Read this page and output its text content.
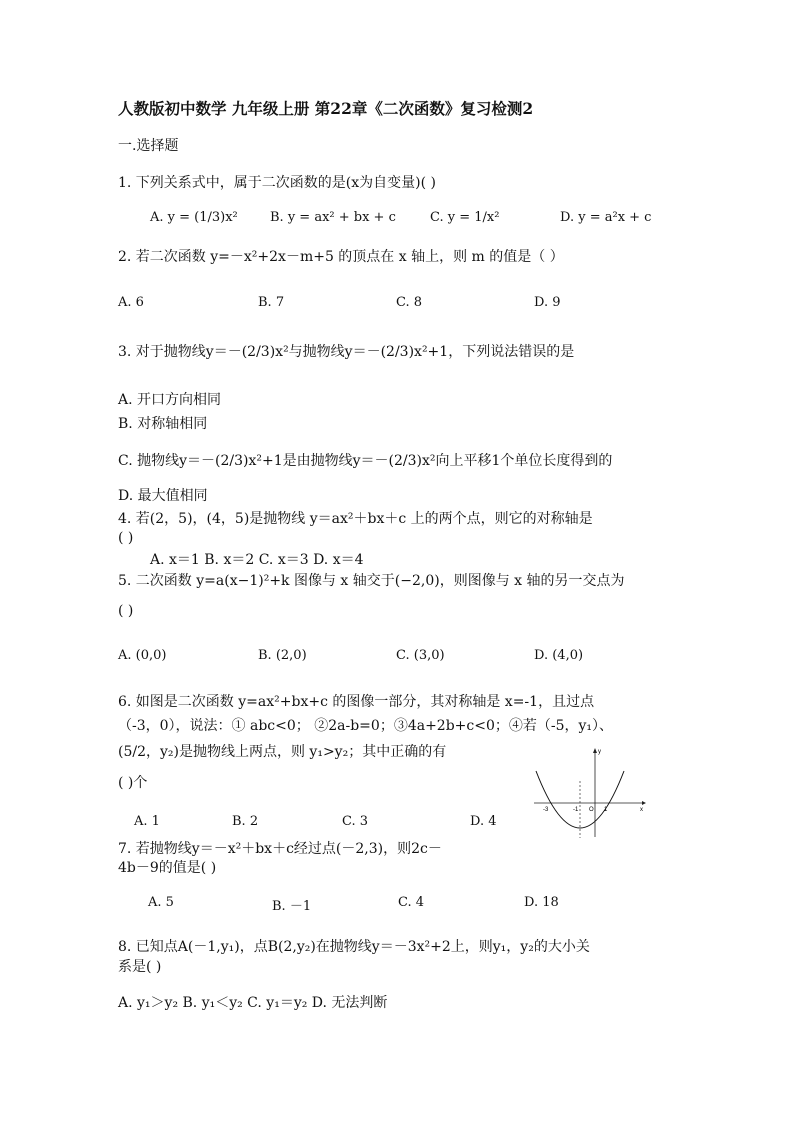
人教版初中数学 九年级上册 第22章《二次函数》复习检测2
一.选择题
1. 下列关系式中，属于二次函数的是(x为自变量)( )
A. y = (1/3)x² B. y = ax² + bx + c	C. y = 1/x²	D. y = a²x + c
2. 若二次函数 y=－x²+2x－m+5 的顶点在 x 轴上，则 m 的值是（ ）
A. 6	B. 7	C. 8	D. 9
3. 对于抛物线y＝－(2/3)x²与抛物线y＝－(2/3)x²+1，下列说法错误的是
A. 开口方向相同
B. 对称轴相同
C. 抛物线y＝－(2/3)x²+1是由抛物线y＝－(2/3)x²向上平移1个单位长度得到的
D. 最大值相同
4. 若(2，5)，(4，5)是抛物线 y＝ax²＋bx＋c 上的两个点，则它的对称轴是
( )
A. x＝1 B. x＝2 C. x＝3 D. x＝4
5. 二次函数 y=a(x−1)²+k 图像与 x 轴交于(−2,0)，则图像与 x 轴的另一交点为
( )
A. (0,0)	B. (2,0)	C. (3,0)	D. (4,0)
6. 如图是二次函数 y=ax²+bx+c 的图像一部分，其对称轴是 x=-1，且过点
（-3，0），说法：① abc<0； ②2a-b=0；③4a+2b+c<0；④若（-5，y₁）、
(5/2，y₂)是抛物线上两点，则 y₁>y₂；其中正确的有
( )个
A. 1	B. 2	C. 3	D. 4
y
x
O
-3	-1	1
7. 若抛物线y＝－x²＋bx＋c经过点(－2,3)，则2c－
4b－9的值是( )
A. 5	B. －1	C. 4	D. 18
8. 已知点A(－1,y₁)，点B(2,y₂)在抛物线y＝－3x²+2上，则y₁，y₂的大小关
系是( )
A. y₁＞y₂ B. y₁＜y₂ C. y₁＝y₂ D. 无法判断
